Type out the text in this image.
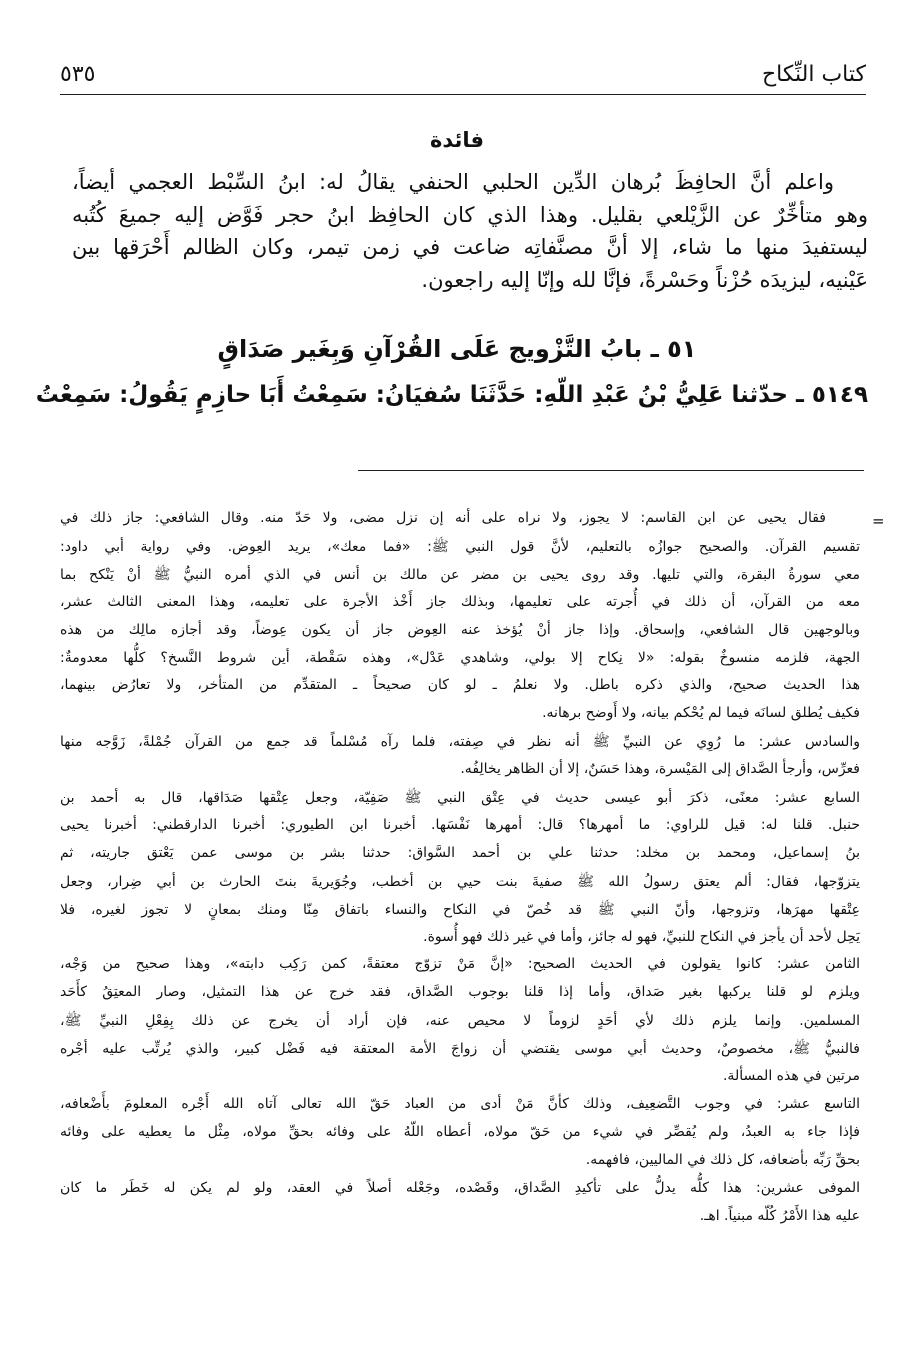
كتاب النِّكاح
٥٣٥
فائدة
واعلم أنَّ الحافِظَ بُرهان الدِّين الحلبي الحنفي يقالُ له: ابنُ السِّبْط العجمي أيضاً،
وهو متأخِّرٌ عن الزَّيْلعي بقليل. وهذا الذي كان الحافِظ ابنُ حجر فَوَّض إليه جميعَ كُتُبه
ليستفيدَ منها ما شاء، إلا أنَّ مصنَّفاتِه ضاعت في زمن تيمر، وكان الظالم أَحْرَقها بين
عَيْنيه، ليزيدَه حُزْناً وحَسْرةً، فإنَّا لله وإنّا إليه راجعون.
٥١ ـ بابُ التَّزْويج عَلَى القُرْآنِ وَبِغَير صَدَاقٍ
٥١٤٩ ـ حدّثنا عَلِيُّ بْنُ عَبْدِ اللّهِ: حَدَّثَنَا سُفيَانُ: سَمِعْتُ أَبَا حازِمٍ يَقُولُ: سَمِعْتُ
=
فقال يحيى عن ابن القاسم: لا يجوز، ولا نراه على أنه إن نزل مضى، ولا حَدّ منه. وقال الشافعي: جاز ذلك في
تقسيم القرآن. والصحيح جوازُه بالتعليم، لأنَّ قول النبي ﷺ: «فما معك»، يريد العِوض. وفي رواية أبي داود:
معي سورةُ البقرة، والتي تليها. وقد روى يحيى بن مضر عن مالك بن أنس في الذي أمره النبيُّ ﷺ أنْ يَنْكح بما
معه من القرآن، أن ذلك في أُجرته على تعليمها، وبذلك جاز أَخْذ الأجرة على تعليمه، وهذا المعنى الثالث عشر،
وبالوجهين قال الشافعي، وإسحاق. وإذا جاز أنْ يُؤخذ عنه العِوض جاز أن يكون عِوضاً، وقد أجازه مالِك من هذه
الجهة، فلزمه منسوخٌ بقوله: «لا نِكاح إلا بولي، وشاهدي عَدْل»، وهذه سَقْطة، أين شروط النَّسخ؟ كلُّها معدومةٌ:
هذا الحديث صحيح، والذي ذكره باطل. ولا نعلمُ ـ لو كان صحيحاً ـ المتقدِّم من المتأخر، ولا تعارُض بينهما،
فكيف يُطلق لسانَه فيما لم يُحْكم بيانه، ولا أَوضح برهانه.
والسادس عشر: ما رُوِي عن النبيِّ ﷺ أنه نظر في صِفته، فلما رآه مُسْلماً قد جمع من القرآن جُمْلةً، زَوَّجه منها
فعرِّس، وأرجأ الصَّداق إلى المَيْسرة، وهذا حَسَنٌ، إلا أن الظاهر يخالِفُه.
السابع عشر: معنًى، ذكرَ أبو عيسى حديث في عِتْق النبي ﷺ صَفِيّة، وجعل عِتْقها صَدَاقها، قال به أحمد بن
حنبل. قلنا له: قيل للراوي: ما أمهرها؟ قال: أمهرها نَفْسَها. أخبرنا ابن الطيوري: أخبرنا الدارقطني: أخبرنا يحيى
بنُ إسماعيل، ومحمد بن مخلد: حدثنا علي بن أحمد السَّواق: حدثنا بشر بن موسى عمن يَعْتق جاريته، ثم
يتزوّجها، فقال: ألم يعتق رسولُ الله ﷺ صفيةَ بنت حيي بن أخطب، وجُوَيريةَ بنتَ الحارث بن أبي ضِرار، وجعل
عِتْقها مهرَها، وتزوجها، وأنّ النبي ﷺ قد خُصّ في النكاح والنساء باتفاق مِنّا ومنك بمعانٍ لا تجوز لغيره، فلا
يَحِل لأحد أن يأجز في النكاح للنبيِّ، فهو له جائز، وأما في غير ذلك فهو أُسوة.
الثامن عشر: كانوا يقولون في الحديث الصحيح: «إنَّ مَنْ تزوّج معتقةً، كمن رَكِب دابته»، وهذا صحيح من وَجْه،
ويلزم لو قلنا يركبها بغير صَداق، وأما إذا قلنا بوجوب الصَّداق، فقد خرج عن هذا التمثيل، وصار المعتِقُ كأَحَد
المسلمين. وإنما يلزم ذلك لأي أحَدٍ لزوماً لا محيص عنه، فإن أراد أن يخرج عن ذلك بِفِعْلِ النبيِّ ﷺ،
فالنبيُّ ﷺ، مخصوصٌ، وحديث أبي موسى يقتضي أن زواجَ الأمة المعتقة فيه فَضْل كبير، والذي يُرتِّب عليه أجْره
مرتين في هذه المسألة.
التاسع عشر: في وجوب التَّضعِيف، وذلك كأنَّ مَنْ أدى من العباد حَقّ الله تعالى آتاه الله أَجْره المعلومَ بأَضْعافه،
فإذا جاء به العبدُ، ولم يُقصِّر في شيء من حَقّ مولاه، أعطاه اللّهُ على وفائه بحقِّ مولاه، مِثْل ما يعطيه على وفائه
بحقِّ رَبِّه بأضعافه، كل ذلك في الماليين، فافهمه.
الموفى عشرين: هذا كلُّه يدلُّ على تأكيدِ الصَّداق، وقَصْده، وجَعْله أصلاً في العقد، ولو لم يكن له خَطَر ما كان
عليه هذا الأَمْرُ كُلّه مبنياً. اهـ.
